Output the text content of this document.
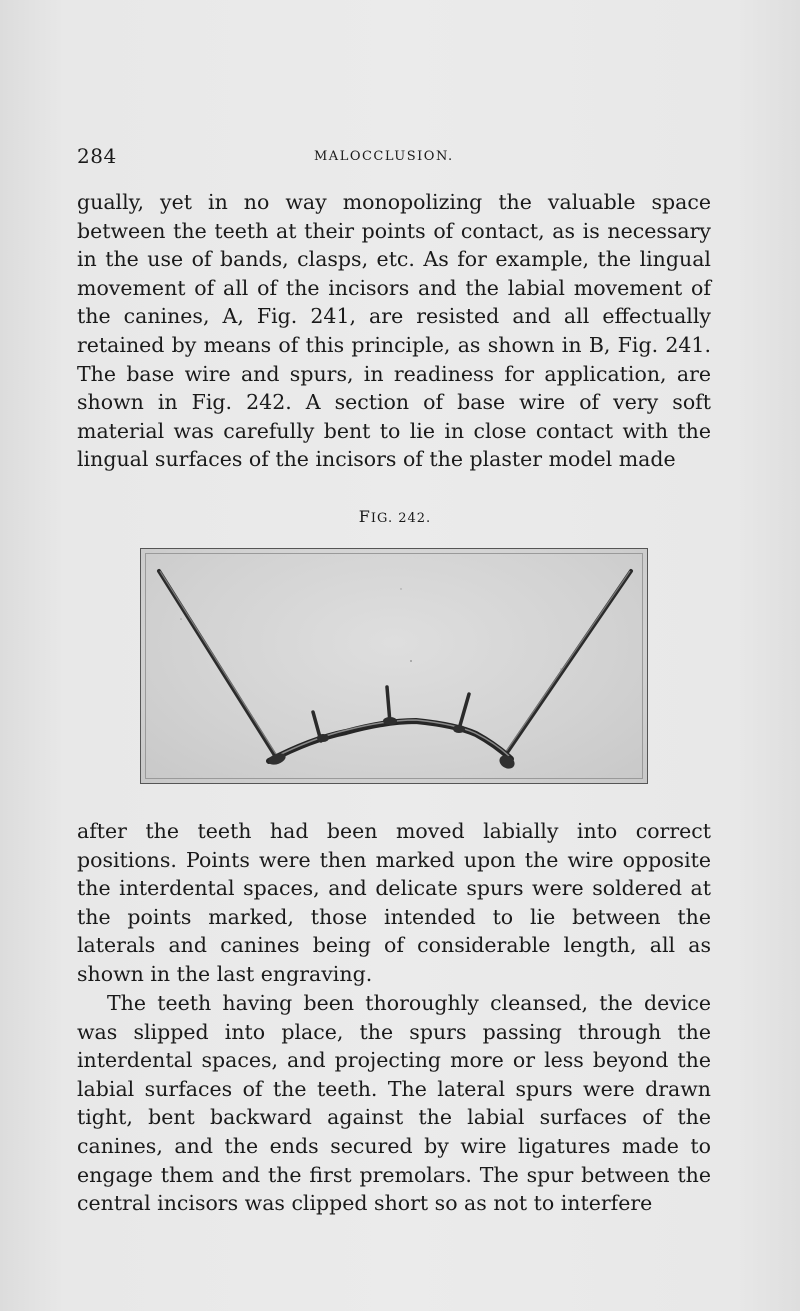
284	MALOCCLUSION.

gually, yet in no way monopolizing the valuable space between the teeth at their points of contact, as is necessary in the use of bands, clasps, etc. As for example, the lingual movement of all of the incisors and the labial movement of the canines, A, Fig. 241, are resisted and all effectually retained by means of this principle, as shown in B, Fig. 241. The base wire and spurs, in readiness for application, are shown in Fig. 242. A section of base wire of very soft material was carefully bent to lie in close contact with the lingual surfaces of the incisors of the plaster model made

FIG. 242.

after the teeth had been moved labially into correct positions. Points were then marked upon the wire opposite the interdental spaces, and delicate spurs were soldered at the points marked, those intended to lie between the laterals and canines being of considerable length, all as shown in the last engraving.

The teeth having been thoroughly cleansed, the device was slipped into place, the spurs passing through the interdental spaces, and projecting more or less beyond the labial surfaces of the teeth. The lateral spurs were drawn tight, bent backward against the labial surfaces of the canines, and the ends secured by wire ligatures made to engage them and the first premolars. The spur between the central incisors was clipped short so as not to interfere
